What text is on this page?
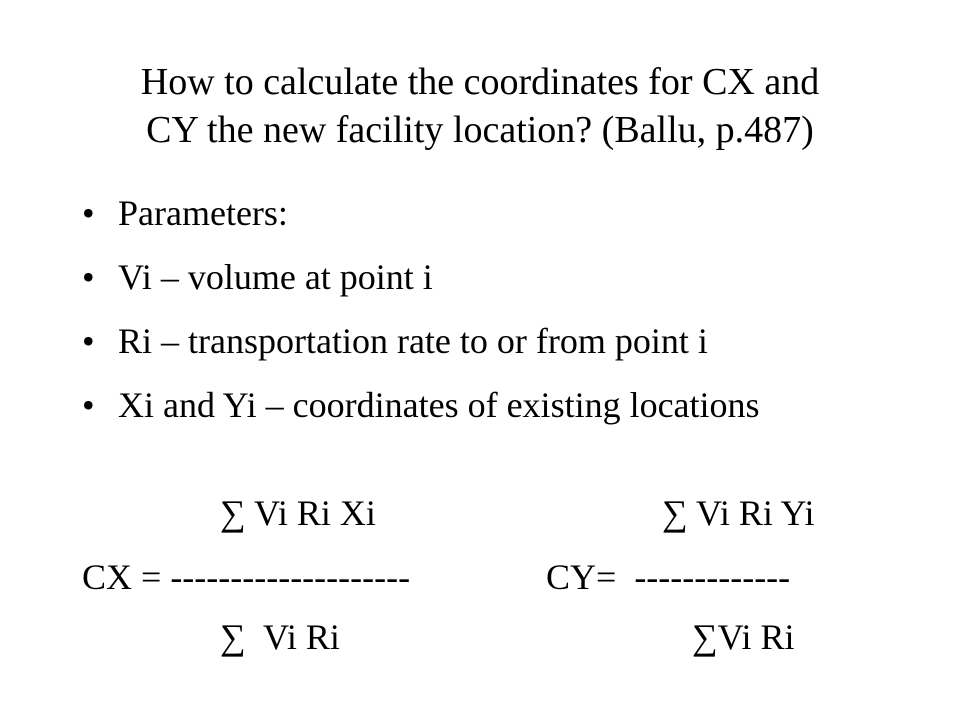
How to calculate the coordinates for CX and
CY the new facility location? (Ballu, p.487)
• Parameters:
• Vi – volume at point i
• Ri – transportation rate to or from point i
• Xi and Yi – coordinates of existing locations
∑ Vi Ri Xi	∑ Vi Ri Yi
CX = --------------------	CY=  -------------
∑  Vi Ri	∑Vi Ri
